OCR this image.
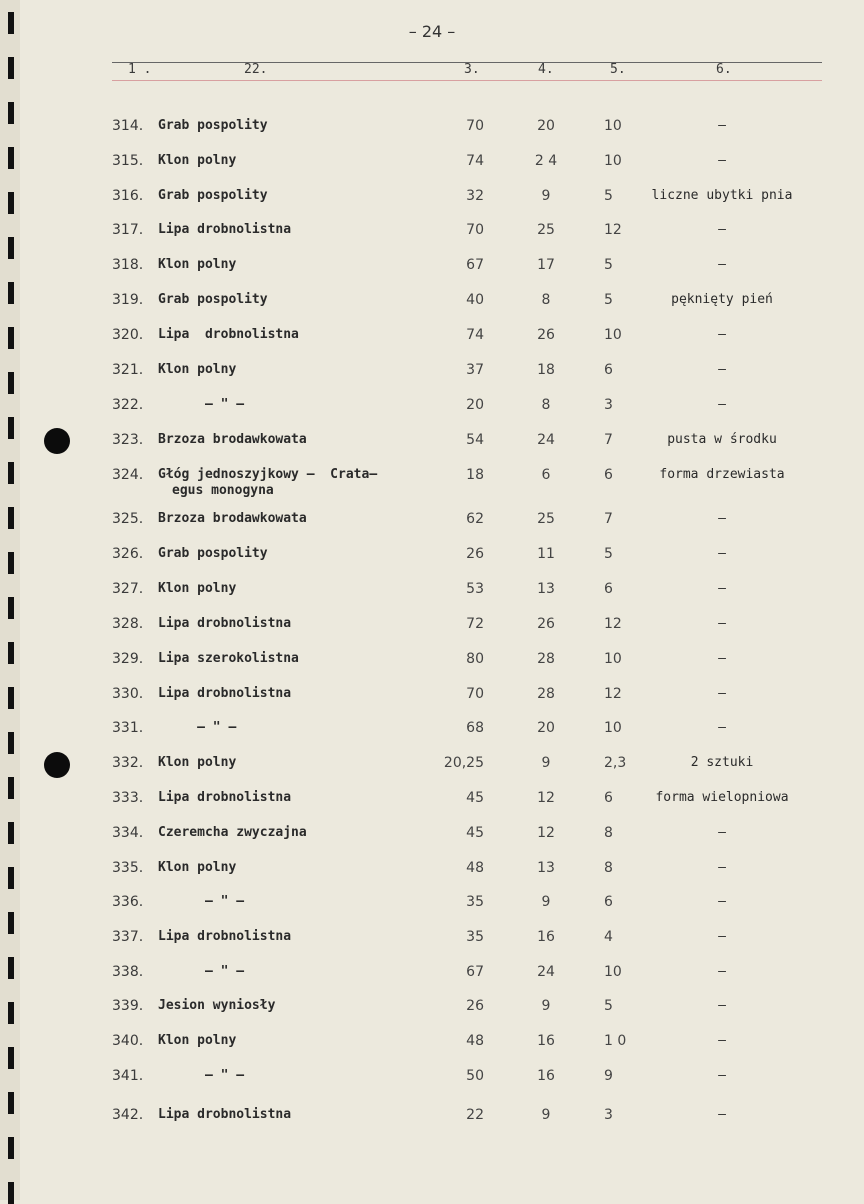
– 24 –
1 .	22.	3.	4.	5.	6.
314. Grab pospolity	70	20	10	–
315. Klon polny	74	2 4	10	–
316. Grab pospolity	32	9	5	liczne ubytki pnia
317. Lipa drobnolistna	70	25	12	–
318. Klon polny	67	17	5	–
319. Grab pospolity	40	8	5	pęknięty pień
320. Lipa  drobnolistna	74	26	10	–
321. Klon polny	37	18	6	–
322. – " –	20	8	3	–
323. Brzoza brodawkowata	54	24	7	pusta w środku
324. Głóg jednoszyjkowy –  Crata–
egus monogyna
18	6	6	forma drzewiasta
325. Brzoza brodawkowata	62	25	7	–
326. Grab pospolity	26	11	5	–
327. Klon polny	53	13	6	–
328. Lipa drobnolistna	72	26	12	–
329. Lipa szerokolistna	80	28	10	–
330. Lipa drobnolistna	70	28	12	–
331. – " –	68	20	10	–
332. Klon polny	20,25	9	2,3	2 sztuki
333. Lipa drobnolistna	45	12	6	forma wielopniowa
334. Czeremcha zwyczajna	45	12	8	–
335. Klon polny	48	13	8	–
336. – " –	35	9	6	–
337. Lipa drobnolistna	35	16	4	–
338. – " –	67	24	10	–
339. Jesion wyniosły	26	9	5	–
340. Klon polny	48	16	1 0	–
341. – " –	50	16	9	–
342. Lipa drobnolistna	22	9	3	–
